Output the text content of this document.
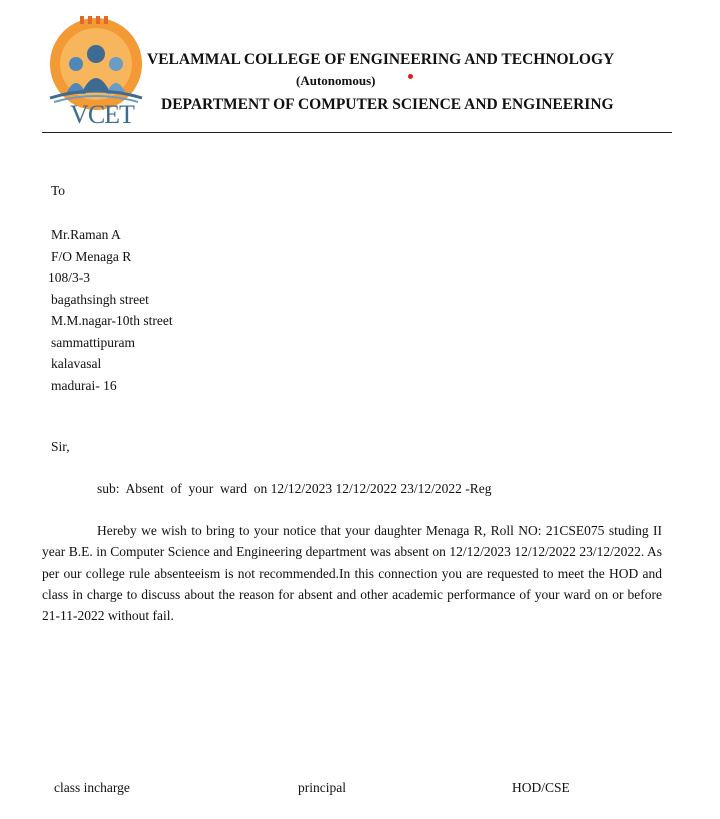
VCET
VELAMMAL COLLEGE OF ENGINEERING AND TECHNOLOGY
(Autonomous)
DEPARTMENT OF COMPUTER SCIENCE AND ENGINEERING
To
Mr.Raman A
F/O Menaga R
108/3-3
bagathsingh street
M.M.nagar-10th street
sammattipuram
kalavasal
madurai- 16
Sir,
sub:  Absent  of  your  ward  on 12/12/2023 12/12/2022 23/12/2022 -Reg
Hereby we wish to bring to your notice that your daughter Menaga R, Roll NO: 21CSE075 studing II year B.E. in Computer Science and Engineering department was absent on 12/12/2023 12/12/2022 23/12/2022. As per our college rule absenteeism is not recommended.In this connection you are requested to meet the HOD and class in charge to discuss about the reason for absent and other academic performance of your ward on or before 21-11-2022 without fail.
class incharge	principal	HOD/CSE
